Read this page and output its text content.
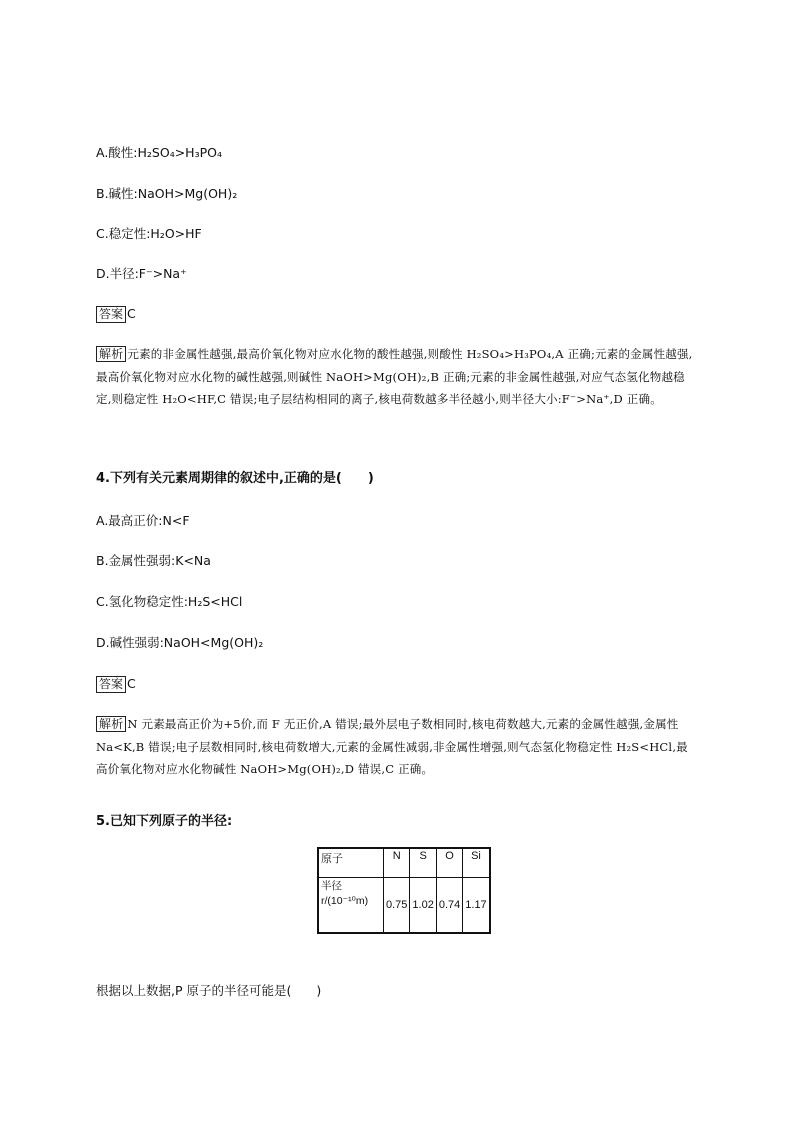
A.酸性:H₂SO₄>H₃PO₄
B.碱性:NaOH>Mg(OH)₂
C.稳定性:H₂O>HF
D.半径:F⁻>Na⁺
答案 C
解析 元素的非金属性越强,最高价氧化物对应水化物的酸性越强,则酸性 H₂SO₄>H₃PO₄,A 正确;元素的金属性越强,最高价氧化物对应水化物的碱性越强,则碱性 NaOH>Mg(OH)₂,B 正确;元素的非金属性越强,对应气态氢化物越稳定,则稳定性 H₂O<HF,C 错误;电子层结构相同的离子,核电荷数越多半径越小,则半径大小:F⁻>Na⁺,D 正确。
4.下列有关元素周期律的叙述中,正确的是(　　)
A.最高正价:N<F
B.金属性强弱:K<Na
C.氢化物稳定性:H₂S<HCl
D.碱性强弱:NaOH<Mg(OH)₂
答案 C
解析 N 元素最高正价为+5价,而 F 无正价,A 错误;最外层电子数相同时,核电荷数越大,元素的金属性越强,金属性 Na<K,B 错误;电子层数相同时,核电荷数增大,元素的金属性减弱,非金属性增强,则气态氢化物稳定性 H₂S<HCl,最高价氧化物对应水化物碱性 NaOH>Mg(OH)₂,D 错误,C 正确。
5.已知下列原子的半径:
原子	N	S	O	Si
半径 r/(10⁻¹⁰m)	0.75	1.02	0.74	1.17
根据以上数据,P 原子的半径可能是(　　)
